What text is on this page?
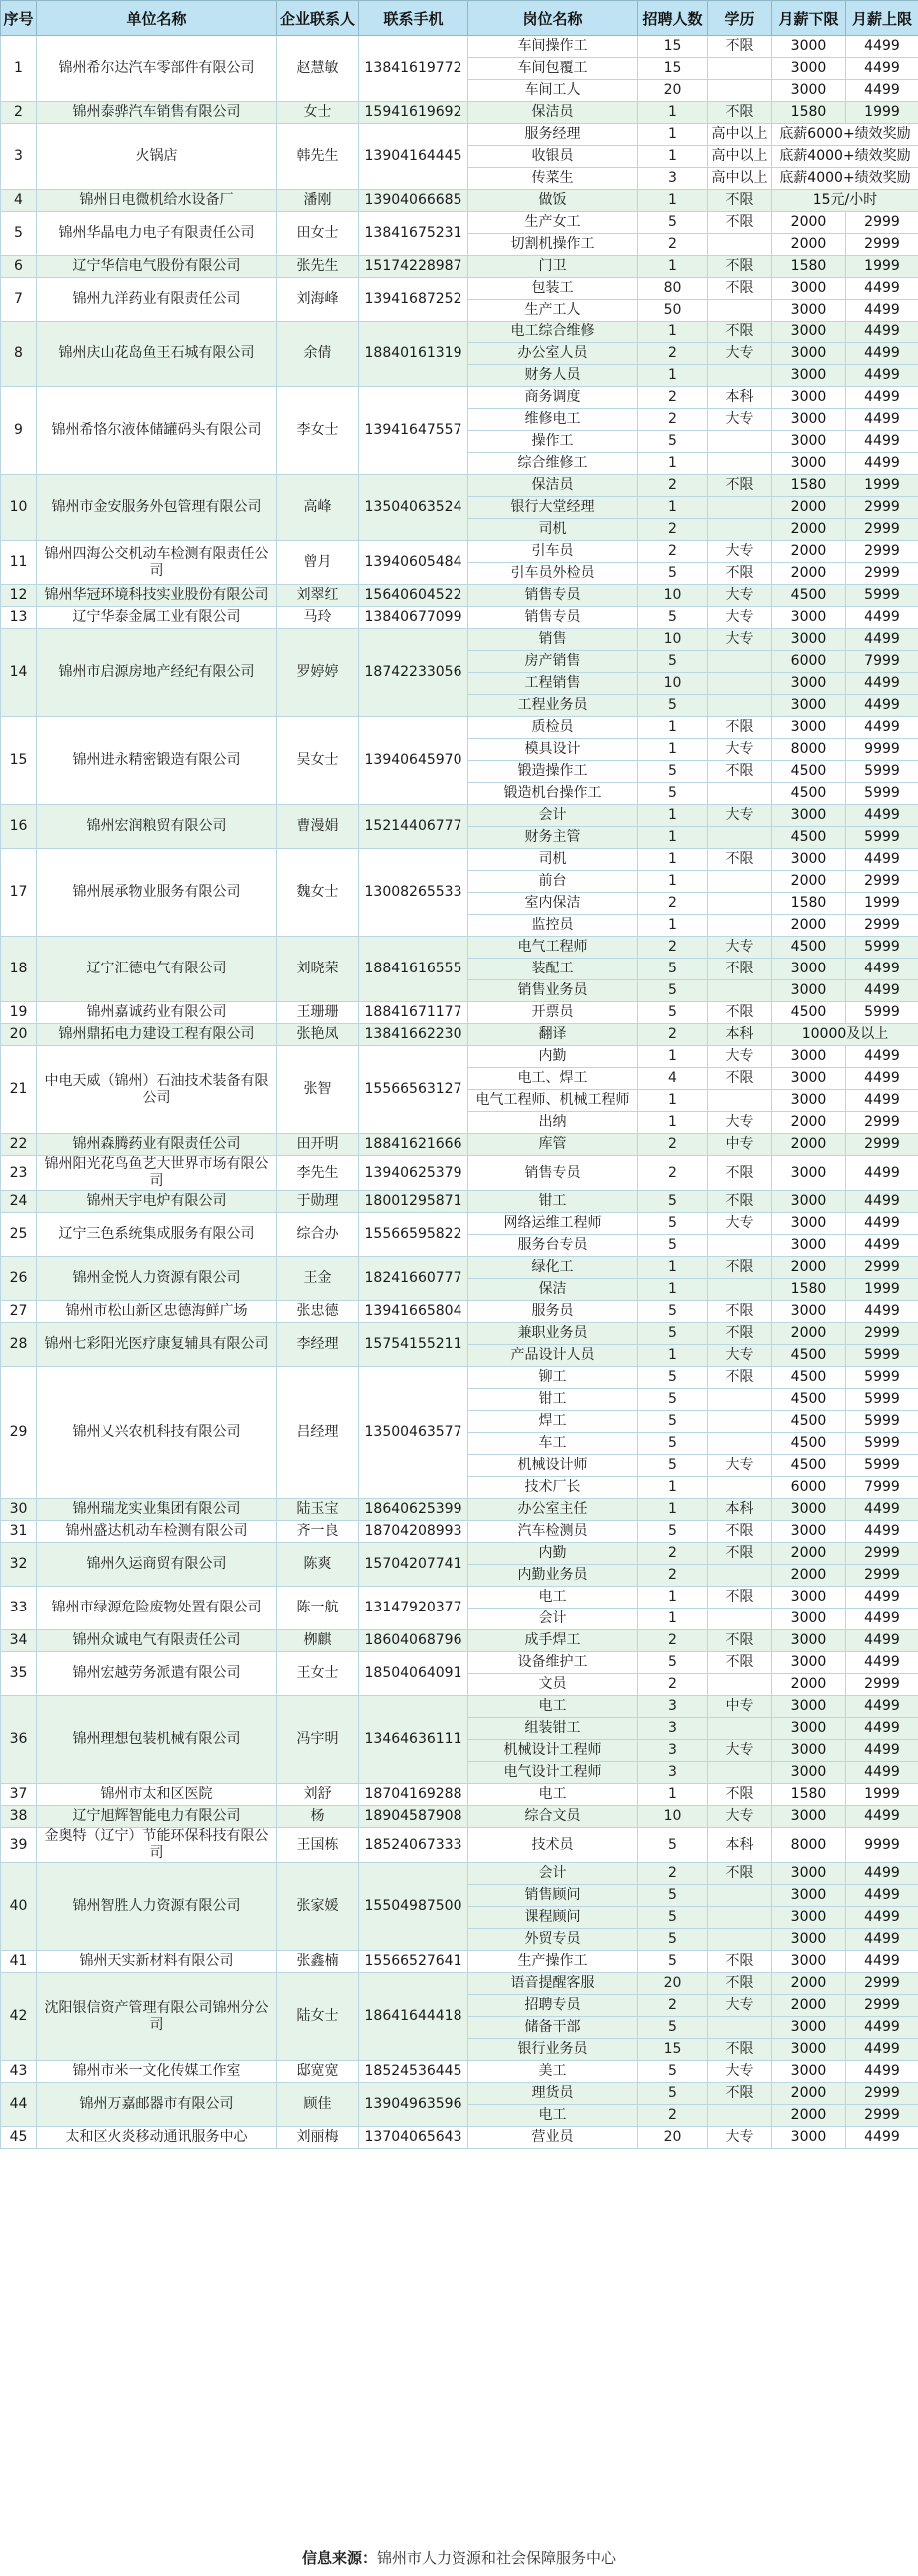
序号	单位名称	企业联系人	联系手机	岗位名称	招聘人数	学历	月薪下限	月薪上限
1	锦州希尔达汽车零部件有限公司	赵慧敏	13841619772	车间操作工	15	不限	3000	4499
				车间包覆工	15		3000	4499
				车间工人	20		3000	4499
2	锦州泰骅汽车销售有限公司	女士	15941619692	保洁员	1	不限	1580	1999
3	火锅店	韩先生	13904164445	服务经理	1	高中以上	底薪6000+绩效奖励	
				收银员	1	高中以上	底薪4000+绩效奖励	
				传菜生	3	高中以上	底薪4000+绩效奖励	
4	锦州日电微机给水设备厂	潘刚	13904066685	做饭	1	不限	15元/小时	
5	锦州华晶电力电子有限责任公司	田女士	13841675231	生产女工	5	不限	2000	2999
				切割机操作工	2		2000	2999
6	辽宁华信电气股份有限公司	张先生	15174228987	门卫	1	不限	1580	1999
7	锦州九洋药业有限责任公司	刘海峰	13941687252	包装工	80	不限	3000	4499
				生产工人	50		3000	4499
8	锦州庆山花岛鱼王石城有限公司	余倩	18840161319	电工综合维修	1	不限	3000	4499
				办公室人员	2	大专	3000	4499
				财务人员	1		3000	4499
9	锦州希恪尔液体储罐码头有限公司	李女士	13941647557	商务调度	2	本科	3000	4499
				维修电工	2	大专	3000	4499
				操作工	5		3000	4499
				综合维修工	1		3000	4499
10	锦州市金安服务外包管理有限公司	高峰	13504063524	保洁员	2	不限	1580	1999
				银行大堂经理	1		2000	2999
				司机	2		2000	2999
11	锦州四海公交机动车检测有限责任公司	曾月	13940605484	引车员	2	大专	2000	2999
				引车员外检员	5	不限	2000	2999
12	锦州华冠环境科技实业股份有限公司	刘翠红	15640604522	销售专员	10	大专	4500	5999
13	辽宁华泰金属工业有限公司	马玲	13840677099	销售专员	5	大专	3000	4499
14	锦州市启源房地产经纪有限公司	罗婷婷	18742233056	销售	10	大专	3000	4499
				房产销售	5		6000	7999
				工程销售	10		3000	4499
				工程业务员	5		3000	4499
15	锦州进永精密锻造有限公司	吴女士	13940645970	质检员	1	不限	3000	4499
				模具设计	1	大专	8000	9999
				锻造操作工	5	不限	4500	5999
				锻造机台操作工	5		4500	5999
16	锦州宏润粮贸有限公司	曹漫娟	15214406777	会计	1	大专	3000	4499
				财务主管	1		4500	5999
17	锦州展承物业服务有限公司	魏女士	13008265533	司机	1	不限	3000	4499
				前台	1		2000	2999
				室内保洁	2		1580	1999
				监控员	1		2000	2999
18	辽宁汇德电气有限公司	刘晓荣	18841616555	电气工程师	2	大专	4500	5999
				装配工	5	不限	3000	4499
				销售业务员	5		3000	4499
19	锦州嘉诚药业有限公司	王珊珊	18841671177	开票员	5	不限	4500	5999
20	锦州鼎拓电力建设工程有限公司	张艳凤	13841662230	翻译	2	本科	10000及以上	
21	中电天威（锦州）石油技术装备有限公司	张智	15566563127	内勤	1	大专	3000	4499
				电工、焊工	4	不限	3000	4499
				电气工程师、机械工程师	1		3000	4499
				出纳	1	大专	2000	2999
22	锦州森腾药业有限责任公司	田开明	18841621666	库管	2	中专	2000	2999
23	锦州阳光花鸟鱼艺大世界市场有限公司	李先生	13940625379	销售专员	2	不限	3000	4499
24	锦州天宇电炉有限公司	于勋理	18001295871	钳工	5	不限	3000	4499
25	辽宁三色系统集成服务有限公司	综合办	15566595822	网络运维工程师	5	大专	3000	4499
				服务台专员	5		3000	4499
26	锦州金悦人力资源有限公司	王金	18241660777	绿化工	1	不限	2000	2999
				保洁	1		1580	1999
27	锦州市松山新区忠德海鲜广场	张忠德	13941665804	服务员	5	不限	3000	4499
28	锦州七彩阳光医疗康复辅具有限公司	李经理	15754155211	兼职业务员	5	不限	2000	2999
				产品设计人员	1	大专	4500	5999
29	锦州乂兴农机科技有限公司	吕经理	13500463577	铆工	5	不限	4500	5999
				钳工	5		4500	5999
				焊工	5		4500	5999
				车工	5		4500	5999
				机械设计师	5	大专	4500	5999
				技术厂长	1		6000	7999
30	锦州瑞龙实业集团有限公司	陆玉宝	18640625399	办公室主任	1	本科	3000	4499
31	锦州盛达机动车检测有限公司	齐一良	18704208993	汽车检测员	5	不限	3000	4499
32	锦州久运商贸有限公司	陈爽	15704207741	内勤	2	不限	2000	2999
				内勤业务员	2		2000	2999
33	锦州市绿源危险废物处置有限公司	陈一航	13147920377	电工	1	不限	3000	4499
				会计	1		3000	4499
34	锦州众诚电气有限责任公司	栁麒	18604068796	成手焊工	2	不限	3000	4499
35	锦州宏越劳务派遣有限公司	王女士	18504064091	设备维护工	5	不限	3000	4499
				文员	2		2000	2999
36	锦州理想包装机械有限公司	冯宇明	13464636111	电工	3	中专	3000	4499
				组装钳工	3		3000	4499
				机械设计工程师	3	大专	3000	4499
				电气设计工程师	3		3000	4499
37	锦州市太和区医院	刘舒	18704169288	电工	1	不限	1580	1999
38	辽宁旭辉智能电力有限公司	杨	18904587908	综合文员	10	大专	3000	4499
39	金奥特（辽宁）节能环保科技有限公司	王国栋	18524067333	技术员	5	本科	8000	9999
40	锦州智胜人力资源有限公司	张家媛	15504987500	会计	2	不限	3000	4499
				销售顾问	5		3000	4499
				课程顾问	5		3000	4499
				外贸专员	5		3000	4499
41	锦州天实新材料有限公司	张鑫楠	15566527641	生产操作工	5	不限	3000	4499
42	沈阳银信资产管理有限公司锦州分公司	陆女士	18641644418	语音提醒客服	20	不限	2000	2999
				招聘专员	2	大专	2000	2999
				储备干部	5		3000	4499
				银行业务员	15	不限	3000	4499
43	锦州市米一文化传媒工作室	邸宽宽	18524536445	美工	5	大专	3000	4499
44	锦州万嘉邮器市有限公司	顾佳	13904963596	理货员	5	不限	2000	2999
				电工	2		2000	2999
45	太和区火炎移动通讯服务中心	刘丽梅	13704065643	营业员	20	大专	3000	4499
信息来源： 锦州市人力资源和社会保障服务中心
